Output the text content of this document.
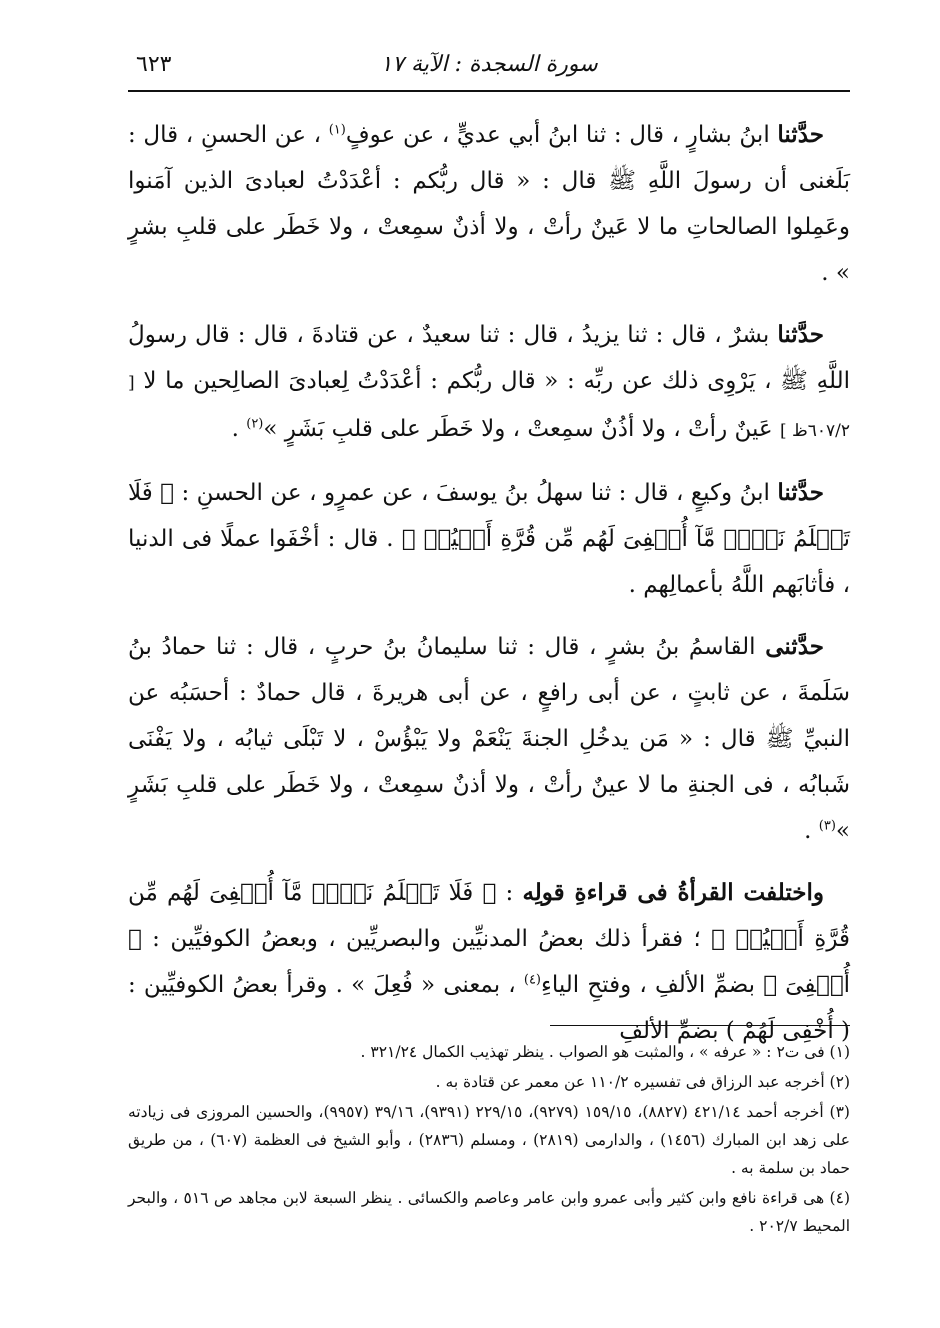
سورة السجدة : الآية ١٧
٦٢٣

حدَّثنا ابنُ بشارٍ ، قال : ثنا ابنُ أبي عديٍّ ، عن عوفٍ$^{(١)}$ ، عن الحسنِ ، قال : بَلَغنى أن رسولَ اللَّهِ ﷺ قال : « قال ربُّكم : أعْدَدْتُ لعبادىَ الذين آمَنوا وعَمِلوا الصالحاتِ ما لا عَينٌ رأتْ ، ولا أذنٌ سمِعتْ ، ولا خَطَر على قلبِ بشرٍ » .

حدَّثنا بشرٌ ، قال : ثنا يزيدُ ، قال : ثنا سعيدٌ ، عن قتادةَ ، قال : قال رسولُ اللَّهِ ﷺ ، يَرْوِى ذلك عن ربِّه : « قال ربُّكم : أعْدَدْتُ لِعبادىَ الصالِحين ما لا [ ٦٠٧/٢ظ ] عَينٌ رأتْ ، ولا أذُنٌ سمِعتْ ، ولا خَطَر على قلبِ بَشَرٍ »$^{(٢)}$ .

حدَّثنا ابنُ وكيعٍ ، قال : ثنا سهلُ بنُ يوسفَ ، عن عمرٍو ، عن الحسنِ : ﴿ فَلَا تَعۡلَمُ نَفۡسٞ مَّآ أُخۡفِىَ لَهُم مِّن قُرَّةِ أَعۡيُنٖ ﴾ . قال : أخْفَوا عملًا فى الدنيا ، فأثابَهم اللَّهُ بأعمالِهم .

حدَّثنى القاسمُ بنُ بشرٍ ، قال : ثنا سليمانُ بنُ حربٍ ، قال : ثنا حمادُ بنُ سَلَمةَ ، عن ثابتٍ ، عن أبى رافعٍ ، عن أبى هريرةَ ، قال حمادٌ : أحسَبُه عن النبيِّ ﷺ قال : « مَن يدخُلِ الجنةَ يَنْعَمْ ولا يَبْؤُسْ ، لا تَبْلَى ثيابُه ، ولا يَفْنَى شَبابُه ، فى الجنةِ ما لا عينٌ رأتْ ، ولا أذنٌ سمِعتْ ، ولا خَطَر على قلبِ بَشَرٍ »$^{(٣)}$ .

واختلفت القرأةُ فى قراءةِ قولِه : ﴿ فَلَا تَعۡلَمُ نَفۡسٞ مَّآ أُخۡفِىَ لَهُم مِّن قُرَّةِ أَعۡيُنٖ ﴾ ؛ فقرأ ذلك بعضُ المدنيِّين والبصريِّين ، وبعضُ الكوفيِّين : ﴿ أُخۡفِىَ ﴾ بضمِّ الألفِ ، وفتحِ الياءِ$^{(٤)}$ ، بمعنى « فُعِلَ » . وقرأ بعضُ الكوفيِّين : ( أُخْفِى لَهُمْ ) بضمِّ الألفِ

(١) فى ت٢ : « عرفه » ، والمثبت هو الصواب . ينظر تهذيب الكمال ٣٢١/٢٤ .

(٢) أخرجه عبد الرزاق فى تفسيره ١١٠/٢ عن معمر عن قتادة به .

(٣) أخرجه أحمد ٤٢١/١٤ (٨٨٢٧)، ١٥٩/١٥ (٩٢٧٩)، ٢٢٩/١٥ (٩٣٩١)، ٣٩/١٦ (٩٩٥٧)، والحسين المروزى فى زيادته على زهد ابن المبارك (١٤٥٦) ، والدارمى (٢٨١٩) ، ومسلم (٢٨٣٦) ، وأبو الشيخ فى العظمة (٦٠٧) ، من طريق حماد بن سلمة به .

(٤) هى قراءة نافع وابن كثير وأبى عمرو وابن عامر وعاصم والكسائى . ينظر السبعة لابن مجاهد ص ٥١٦ ، والبحر المحيط ٢٠٢/٧ .
